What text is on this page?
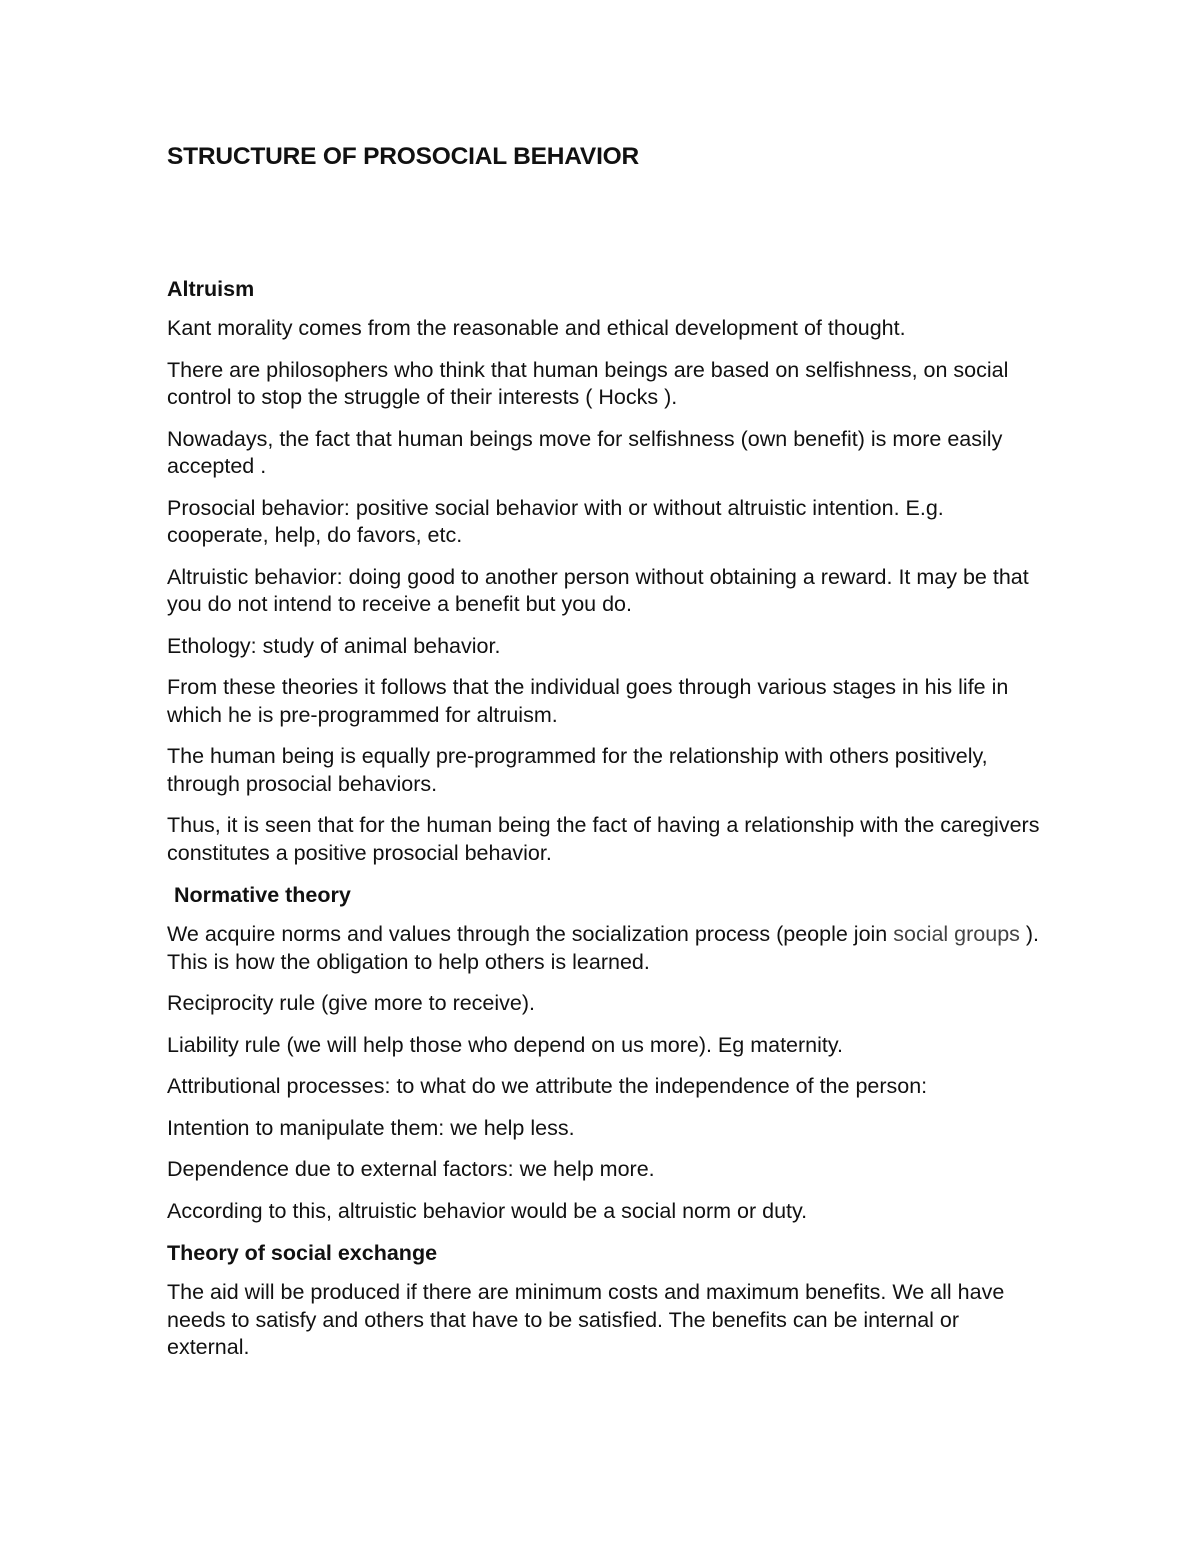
STRUCTURE OF PROSOCIAL BEHAVIOR
Altruism

Kant morality comes from the reasonable and ethical development of thought.

There are philosophers who think that human beings are based on selfishness, on social control to stop the struggle of their interests ( Hocks ).

Nowadays, the fact that human beings move for selfishness (own benefit) is more easily accepted .

Prosocial behavior: positive social behavior with or without altruistic intention. E.g. cooperate, help, do favors, etc.

Altruistic behavior: doing good to another person without obtaining a reward. It may be that you do not intend to receive a benefit but you do.

Ethology: study of animal behavior.

From these theories it follows that the individual goes through various stages in his life in which he is pre-programmed for altruism.

The human being is equally pre-programmed for the relationship with others positively, through prosocial behaviors.

Thus, it is seen that for the human being the fact of having a relationship with the caregivers constitutes a positive prosocial behavior.

Normative theory

We acquire norms and values through the socialization process (people join social groups ). This is how the obligation to help others is learned.

Reciprocity rule (give more to receive).

Liability rule (we will help those who depend on us more). Eg maternity.

Attributional processes: to what do we attribute the independence of the person:

Intention to manipulate them: we help less.

Dependence due to external factors: we help more.

According to this, altruistic behavior would be a social norm or duty.

Theory of social exchange

The aid will be produced if there are minimum costs and maximum benefits. We all have needs to satisfy and others that have to be satisfied. The benefits can be internal or external.
